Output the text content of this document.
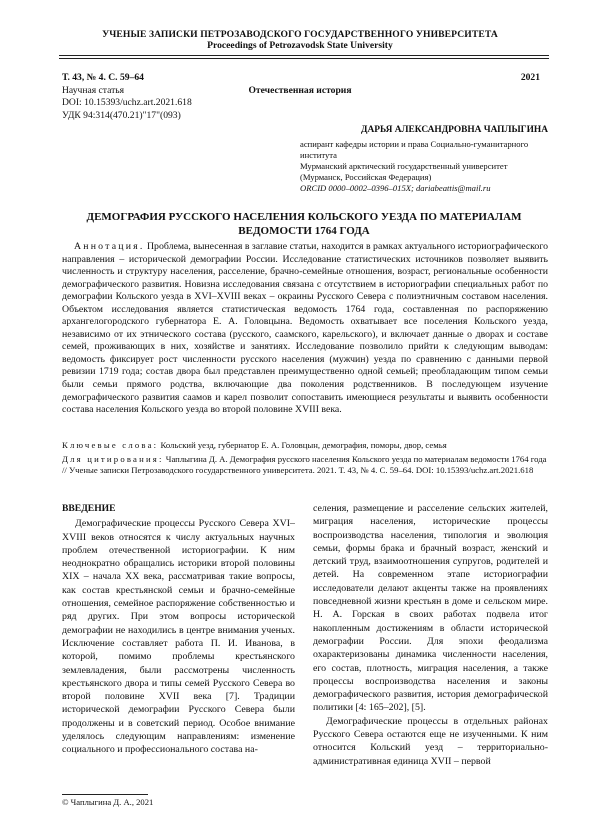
УЧЕНЫЕ ЗАПИСКИ ПЕТРОЗАВОДСКОГО ГОСУДАРСТВЕННОГО УНИВЕРСИТЕТА
Proceedings of Petrozavodsk State University
Т. 43, № 4. С. 59–64
Научная статья
DOI: 10.15393/uchz.art.2021.618
УДК 94:314(470.21)"17"(093)
2021
Отечественная история
ДАРЬЯ АЛЕКСАНДРОВНА ЧАПЛЫГИНА
аспирант кафедры истории и права Социально-гуманитарного института
Мурманский арктический государственный университет (Мурманск, Российская Федерация)
ORCID 0000–0002–0396–015X; dariabeattis@mail.ru
ДЕМОГРАФИЯ РУССКОГО НАСЕЛЕНИЯ КОЛЬСКОГО УЕЗДА ПО МАТЕРИАЛАМ ВЕДОМОСТИ 1764 ГОДА
Аннотация. Проблема, вынесенная в заглавие статьи, находится в рамках актуального историографического направления – исторической демографии России. Исследование статистических источников позволяет выявить численность и структуру населения, расселение, брачно-семейные отношения, возраст, региональные особенности демографического развития. Новизна исследования связана с отсутствием в историографии специальных работ по демографии Кольского уезда в XVI–XVIII веках – окраины Русского Севера с полиэтничным составом населения. Объектом исследования является статистическая ведомость 1764 года, составленная по распоряжению архангелогородского губернатора Е. А. Головцына. Ведомость охватывает все поселения Кольского уезда, независимо от их этнического состава (русского, саамского, карельского), и включает данные о дворах и составе семей, проживающих в них, хозяйстве и занятиях. Исследование позволило прийти к следующим выводам: ведомость фиксирует рост численности русского населения (мужчин) уезда по сравнению с данными первой ревизии 1719 года; состав двора был представлен преимущественно одной семьей; преобладающим типом семьи были семьи прямого родства, включающие два поколения родственников. В последующем изучение демографического развития саамов и карел позволит сопоставить имеющиеся результаты и выявить особенности состава населения Кольского уезда во второй половине XVIII века.
Ключевые слова: Кольский уезд, губернатор Е. А. Головцын, демография, поморы, двор, семья
Для цитирования: Чаплыгина Д. А. Демография русского населения Кольского уезда по материалам ведомости 1764 года // Ученые записки Петрозаводского государственного университета. 2021. Т. 43, № 4. С. 59–64. DOI: 10.15393/uchz.art.2021.618
ВВЕДЕНИЕ

Демографические процессы Русского Севера XVI–XVIII веков относятся к числу актуальных научных проблем отечественной историографии. К ним неоднократно обращались историки второй половины XIX – начала XX века, рассматривая такие вопросы, как состав крестьянской семьи и брачно-семейные отношения, семейное распоряжение собственностью и ряд других. При этом вопросы исторической демографии не находились в центре внимания ученых. Исключение составляет работа П. И. Иванова, в которой, помимо проблемы крестьянского землевладения, были рассмотрены численность крестьянского двора и типы семей Русского Севера во второй половине XVII века [7]. Традиции исторической демографии Русского Севера были продолжены и в советский период. Особое внимание уделялось следующим направлениям: изменение социального и профессионального состава на-

селения, размещение и расселение сельских жителей, миграция населения, исторические процессы воспроизводства населения, типология и эволюция семьи, формы брака и брачный возраст, женский и детский труд, взаимоотношения супругов, родителей и детей. На современном этапе историографии исследователи делают акценты также на проявлениях повседневной жизни крестьян в доме и сельском мире. Н. А. Горская в своих работах подвела итог накопленным достижениям в области исторической демографии России. Для эпохи феодализма охарактеризованы динамика численности населения, его состав, плотность, миграция населения, а также процессы воспроизводства населения и законы демографического развития, история демографической политики [4: 165–202], [5].

Демографические процессы в отдельных районах Русского Севера остаются еще не изученными. К ним относится Кольский уезд – территориально-административная единица XVII – первой

© Чаплыгина Д. А., 2021
